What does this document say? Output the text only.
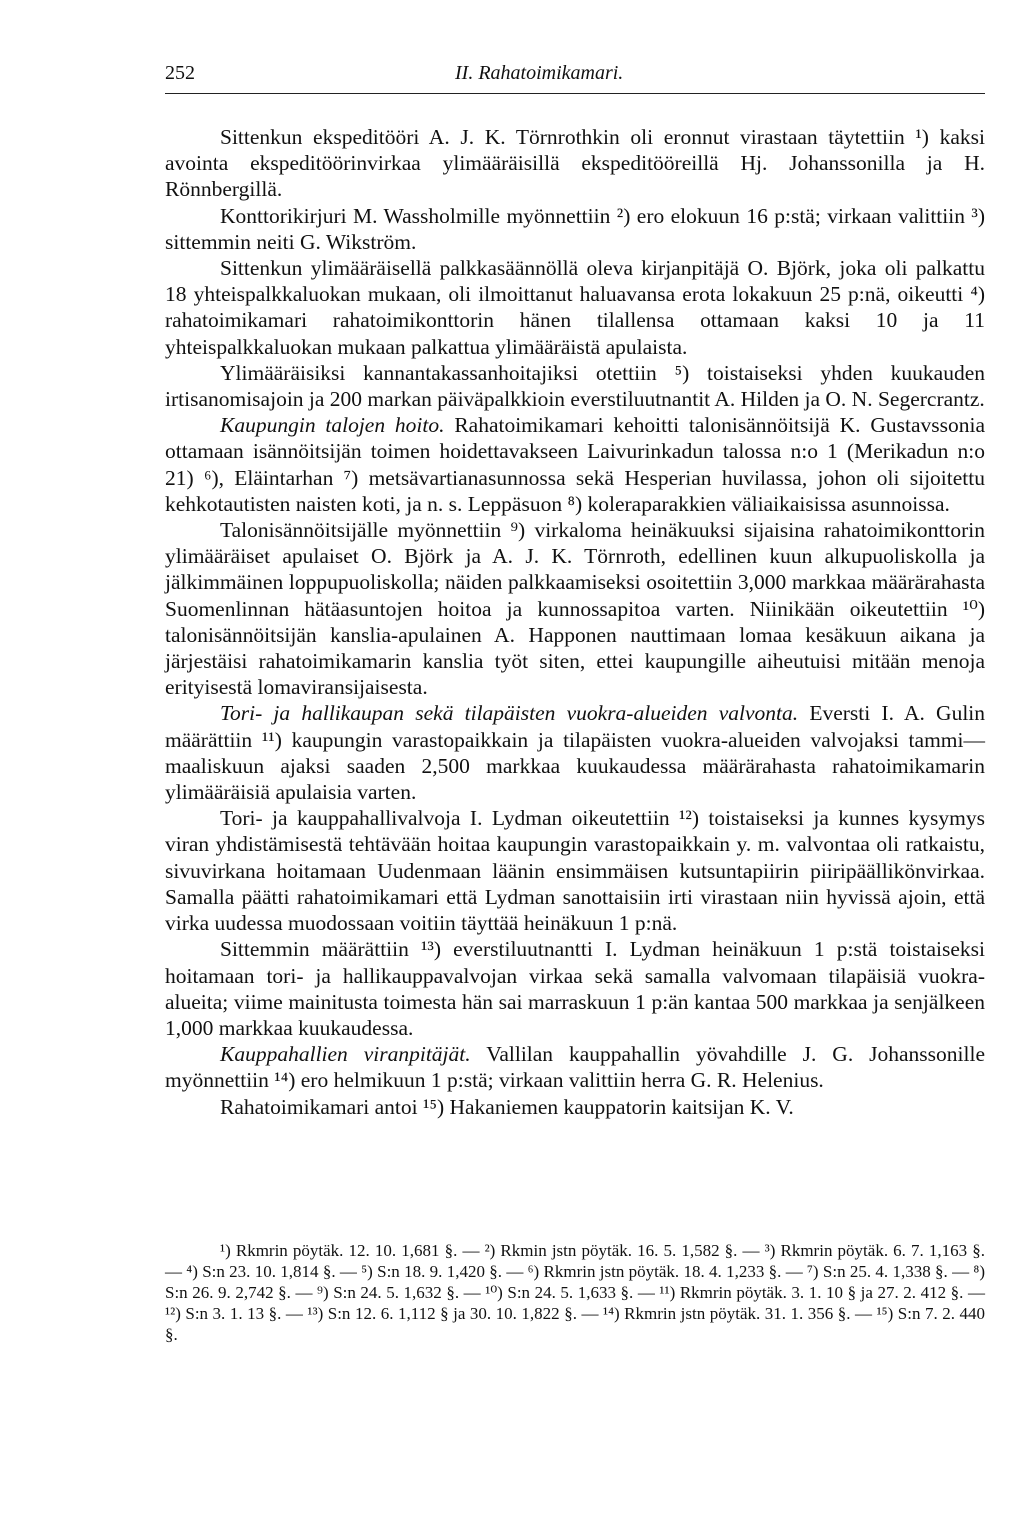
252	II. Rahatoimikamari.

Sittenkun ekspeditööri A. J. K. Törnrothkin oli eronnut virastaan täytettiin ¹) kaksi avointa ekspeditöörinvirkaa ylimääräisillä ekspeditööreillä Hj. Johanssonilla ja H. Rönnbergillä.

Konttorikirjuri M. Wassholmille myönnettiin ²) ero elokuun 16 p:stä; virkaan valittiin ³) sittemmin neiti G. Wikström.

Sittenkun ylimääräisellä palkkasäännöllä oleva kirjanpitäjä O. Björk, joka oli palkattu 18 yhteispalkkaluokan mukaan, oli ilmoittanut haluavansa erota lokakuun 25 p:nä, oikeutti ⁴) rahatoimikamari rahatoimikonttorin hänen tilallensa ottamaan kaksi 10 ja 11 yhteispalkkaluokan mukaan palkattua ylimääräistä apulaista.

Ylimääräisiksi kannantakassanhoitajiksi otettiin ⁵) toistaiseksi yhden kuukauden irtisanomisajoin ja 200 markan päiväpalkkioin everstiluutnantit A. Hilden ja O. N. Segercrantz.

Kaupungin talojen hoito. Rahatoimikamari kehoitti talonisännöitsijä K. Gustavssonia ottamaan isännöitsijän toimen hoidettavakseen Laivurinkadun talossa n:o 1 (Merikadun n:o 21) ⁶), Eläintarhan ⁷) metsävartianasunnossa sekä Hesperian huvilassa, johon oli sijoitettu kehkotautisten naisten koti, ja n. s. Leppäsuon ⁸) koleraparakkien väliaikaisissa asunnoissa.

Talonisännöitsijälle myönnettiin ⁹) virkaloma heinäkuuksi sijaisina rahatoimikonttorin ylimääräiset apulaiset O. Björk ja A. J. K. Törnroth, edellinen kuun alkupuoliskolla ja jälkimmäinen loppupuoliskolla; näiden palkkaamiseksi osoitettiin 3,000 markkaa määrärahasta Suomenlinnan hätäasuntojen hoitoa ja kunnossapitoa varten. Niinikään oikeutettiin ¹⁰) talonisännöitsijän kanslia-apulainen A. Happonen nauttimaan lomaa kesäkuun aikana ja järjestäisi rahatoimikamarin kanslia työt siten, ettei kaupungille aiheutuisi mitään menoja erityisestä lomaviransijaisesta.

Tori- ja hallikaupan sekä tilapäisten vuokra-alueiden valvonta. Eversti I. A. Gulin määrättiin ¹¹) kaupungin varastopaikkain ja tilapäisten vuokra-alueiden valvojaksi tammi—maaliskuun ajaksi saaden 2,500 markkaa kuukaudessa määrärahasta rahatoimikamarin ylimääräisiä apulaisia varten.

Tori- ja kauppahallivalvoja I. Lydman oikeutettiin ¹²) toistaiseksi ja kunnes kysymys viran yhdistämisestä tehtävään hoitaa kaupungin varastopaikkain y. m. valvontaa oli ratkaistu, sivuvirkana hoitamaan Uudenmaan läänin ensimmäisen kutsuntapiirin piiripäällikönvirkaa. Samalla päätti rahatoimikamari että Lydman sanottaisiin irti virastaan niin hyvissä ajoin, että virka uudessa muodossaan voitiin täyttää heinäkuun 1 p:nä.

Sittemmin määrättiin ¹³) everstiluutnantti I. Lydman heinäkuun 1 p:stä toistaiseksi hoitamaan tori- ja hallikauppavalvojan virkaa sekä samalla valvomaan tilapäisiä vuokra-alueita; viime mainitusta toimesta hän sai marraskuun 1 p:än kantaa 500 markkaa ja senjälkeen 1,000 markkaa kuukaudessa.

Kauppahallien viranpitäjät. Vallilan kauppahallin yövahdille J. G. Johanssonille myönnettiin ¹⁴) ero helmikuun 1 p:stä; virkaan valittiin herra G. R. Helenius.

Rahatoimikamari antoi ¹⁵) Hakaniemen kauppatorin kaitsijan K. V.

¹) Rkmrin pöytäk. 12. 10. 1,681 §. — ²) Rkmin jstn pöytäk. 16. 5. 1,582 §. — ³) Rkmrin pöytäk. 6. 7. 1,163 §. — ⁴) S:n 23. 10. 1,814 §. — ⁵) S:n 18. 9. 1,420 §. — ⁶) Rkmrin jstn pöytäk. 18. 4. 1,233 §. — ⁷) S:n 25. 4. 1,338 §. — ⁸) S:n 26. 9. 2,742 §. — ⁹) S:n 24. 5. 1,632 §. — ¹⁰) S:n 24. 5. 1,633 §. — ¹¹) Rkmrin pöytäk. 3. 1. 10 § ja 27. 2. 412 §. — ¹²) S:n 3. 1. 13 §. — ¹³) S:n 12. 6. 1,112 § ja 30. 10. 1,822 §. — ¹⁴) Rkmrin jstn pöytäk. 31. 1. 356 §. — ¹⁵) S:n 7. 2. 440 §.
